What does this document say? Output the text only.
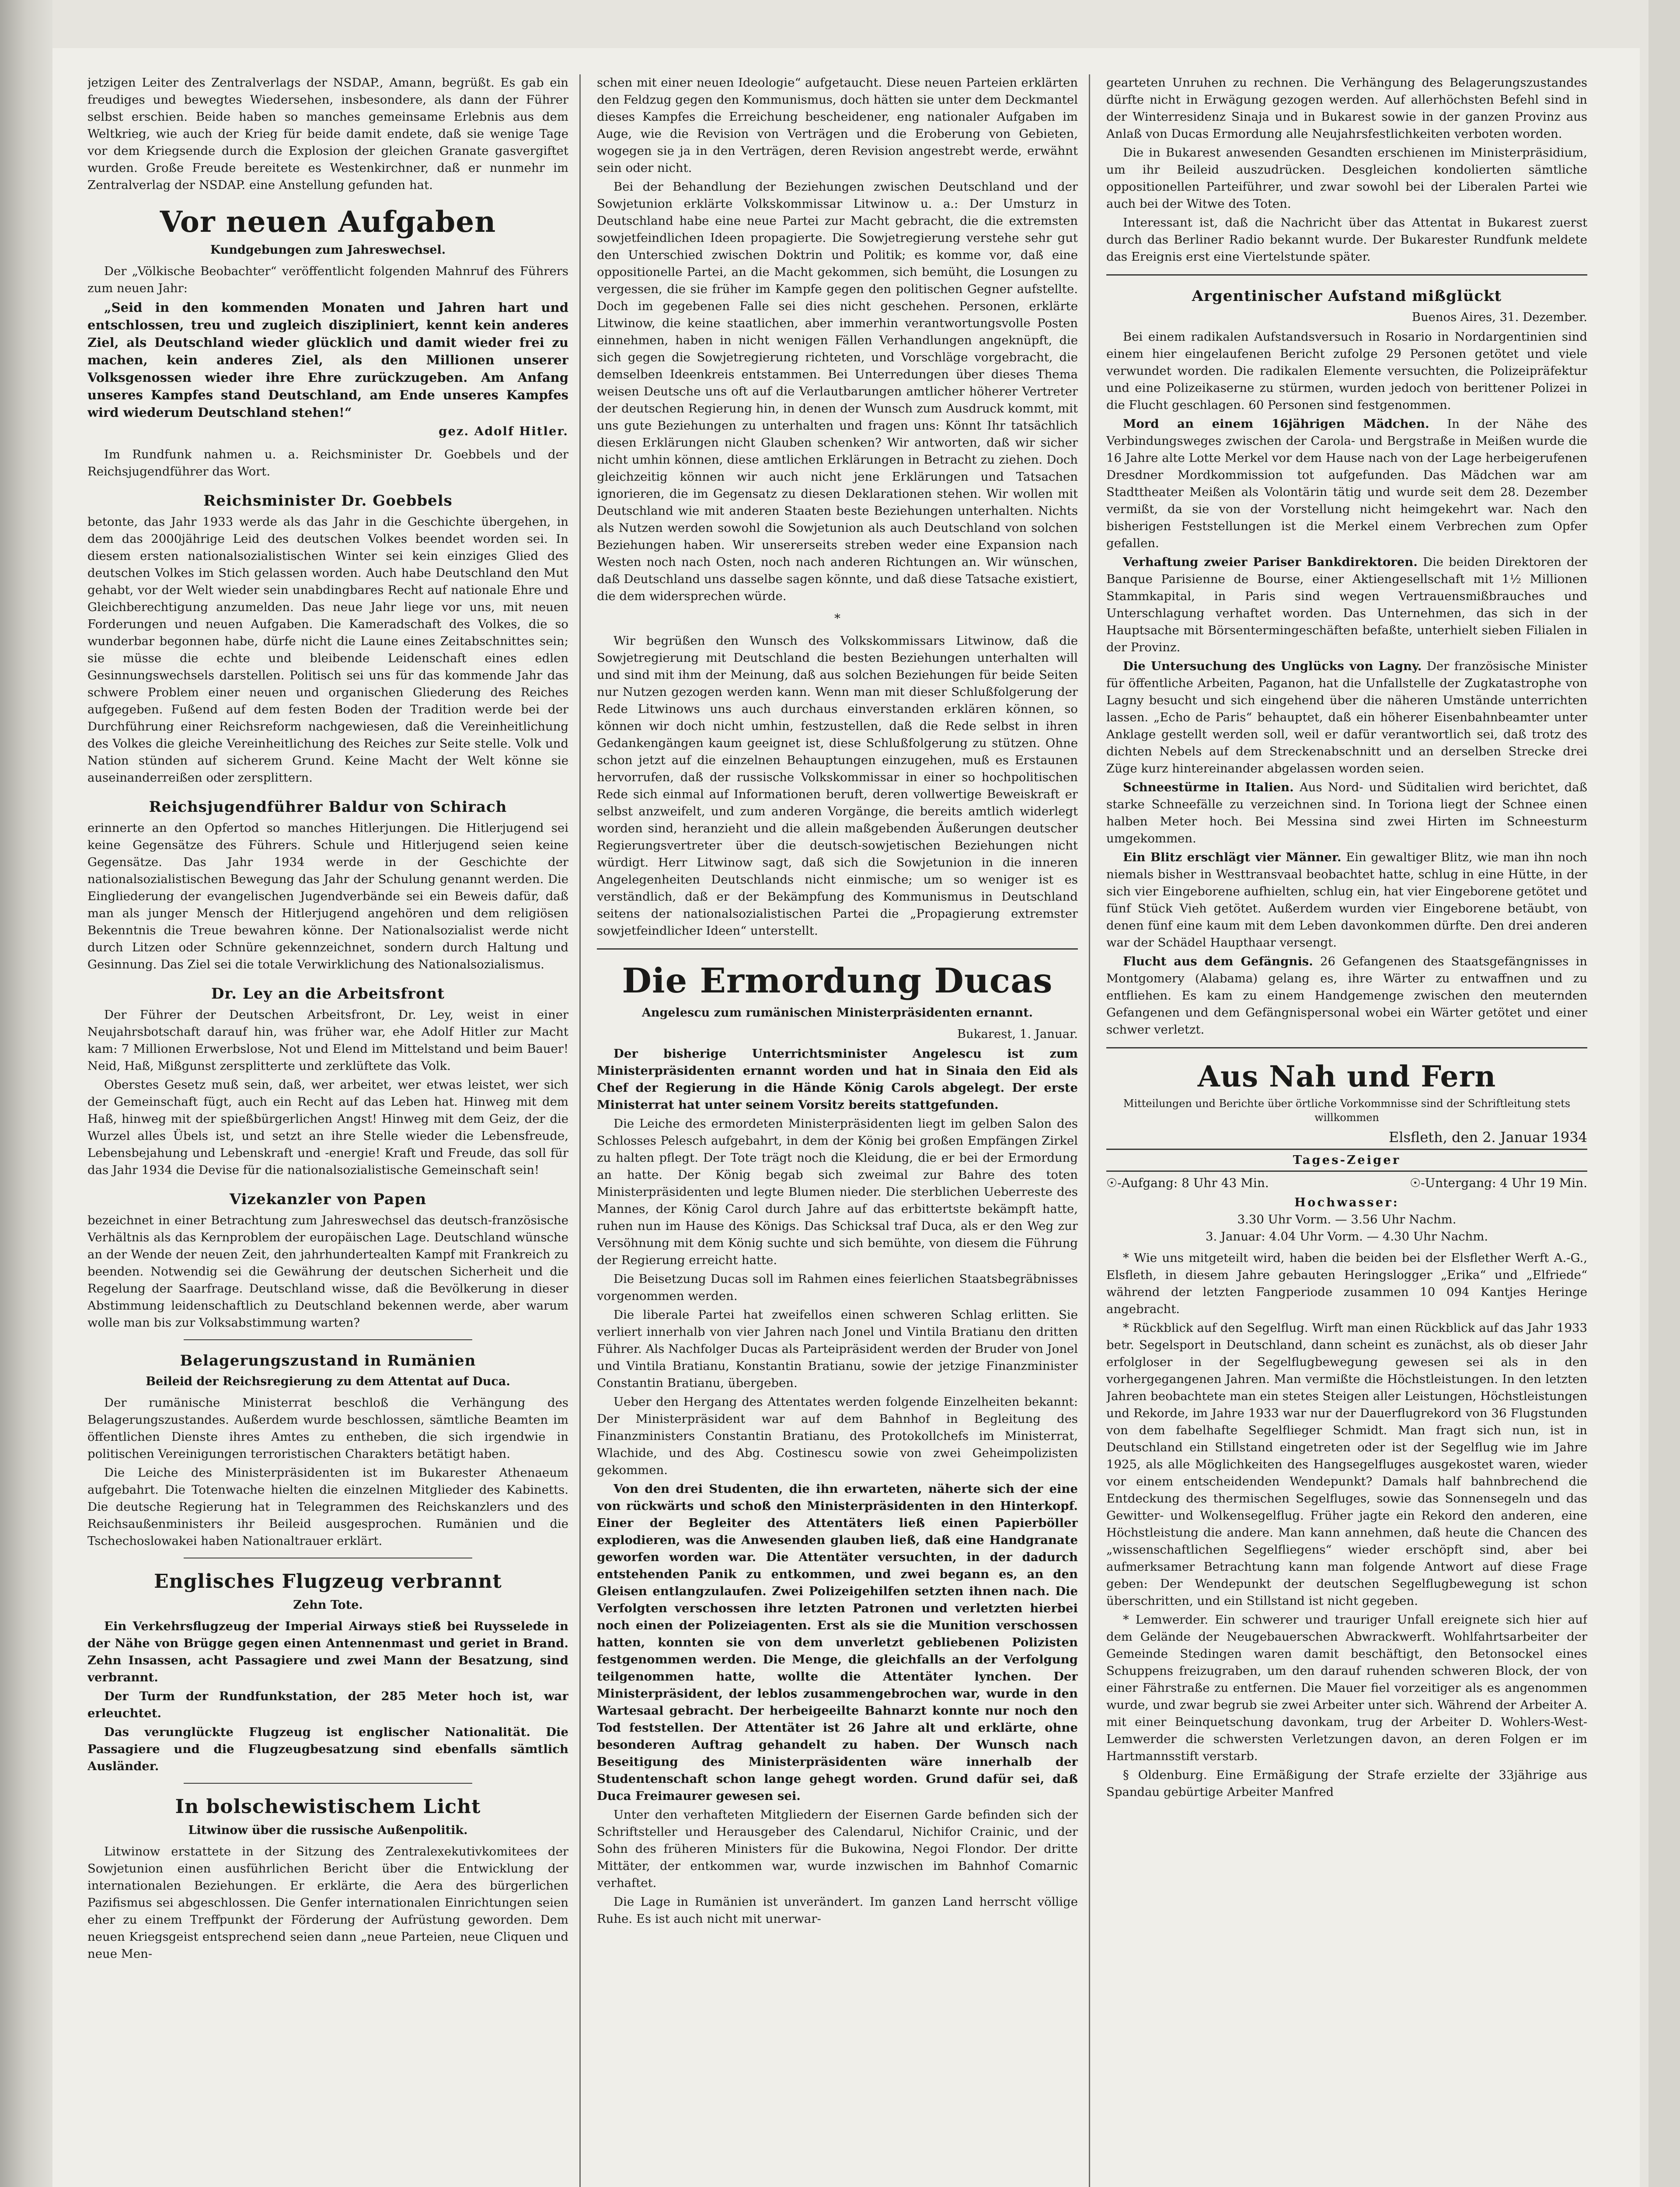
jetzigen Leiter des Zentralverlags der NSDAP., Amann, begrüßt. Es gab ein freudiges und bewegtes Wiedersehen, insbesondere, als dann der Führer selbst erschien. Beide haben so manches gemeinsame Erlebnis aus dem Weltkrieg, wie auch der Krieg für beide damit endete, daß sie wenige Tage vor dem Kriegsende durch die Explosion der gleichen Granate gasvergiftet wurden. Große Freude bereitete es Westenkirchner, daß er nunmehr im Zentralverlag der NSDAP. eine Anstellung gefunden hat.

Vor neuen Aufgaben
Kundgebungen zum Jahreswechsel.

Der „Völkische Beobachter“ veröffentlicht folgenden Mahnruf des Führers zum neuen Jahr:

„Seid in den kommenden Monaten und Jahren hart und entschlossen, treu und zugleich diszipliniert, kennt kein anderes Ziel, als Deutschland wieder glücklich und damit wieder frei zu machen, kein anderes Ziel, als den Millionen unserer Volksgenossen wieder ihre Ehre zurückzugeben. Am Anfang unseres Kampfes stand Deutschland, am Ende unseres Kampfes wird wiederum Deutschland stehen!“

gez. Adolf Hitler.

Im Rundfunk nahmen u. a. Reichsminister Dr. Goebbels und der Reichsjugendführer das Wort.

Reichsminister Dr. Goebbels

betonte, das Jahr 1933 werde als das Jahr in die Geschichte übergehen, in dem das 2000jährige Leid des deutschen Volkes beendet worden sei. In diesem ersten nationalsozialistischen Winter sei kein einziges Glied des deutschen Volkes im Stich gelassen worden. Auch habe Deutschland den Mut gehabt, vor der Welt wieder sein unabdingbares Recht auf nationale Ehre und Gleichberechtigung anzumelden. Das neue Jahr liege vor uns, mit neuen Forderungen und neuen Aufgaben. Die Kameradschaft des Volkes, die so wunderbar begonnen habe, dürfe nicht die Laune eines Zeitabschnittes sein; sie müsse die echte und bleibende Leidenschaft eines edlen Gesinnungswechsels darstellen. Politisch sei uns für das kommende Jahr das schwere Problem einer neuen und organischen Gliederung des Reiches aufgegeben. Fußend auf dem festen Boden der Tradition werde bei der Durchführung einer Reichsreform nachgewiesen, daß die Vereinheitlichung des Volkes die gleiche Vereinheitlichung des Reiches zur Seite stelle. Volk und Nation stünden auf sicherem Grund. Keine Macht der Welt könne sie auseinanderreißen oder zersplittern.

Reichsjugendführer Baldur von Schirach

erinnerte an den Opfertod so manches Hitlerjungen. Die Hitlerjugend sei keine Gegensätze des Führers. Schule und Hitlerjugend seien keine Gegensätze. Das Jahr 1934 werde in der Geschichte der nationalsozialistischen Bewegung das Jahr der Schulung genannt werden. Die Eingliederung der evangelischen Jugendverbände sei ein Beweis dafür, daß man als junger Mensch der Hitlerjugend angehören und dem religiösen Bekenntnis die Treue bewahren könne. Der Nationalsozialist werde nicht durch Litzen oder Schnüre gekennzeichnet, sondern durch Haltung und Gesinnung. Das Ziel sei die totale Verwirklichung des Nationalsozialismus.

Dr. Ley an die Arbeitsfront

Der Führer der Deutschen Arbeitsfront, Dr. Ley, weist in einer Neujahrsbotschaft darauf hin, was früher war, ehe Adolf Hitler zur Macht kam: 7 Millionen Erwerbslose, Not und Elend im Mittelstand und beim Bauer! Neid, Haß, Mißgunst zersplitterte und zerklüftete das Volk.

Oberstes Gesetz muß sein, daß, wer arbeitet, wer etwas leistet, wer sich der Gemeinschaft fügt, auch ein Recht auf das Leben hat. Hinweg mit dem Haß, hinweg mit der spießbürgerlichen Angst! Hinweg mit dem Geiz, der die Wurzel alles Übels ist, und setzt an ihre Stelle wieder die Lebensfreude, Lebensbejahung und Lebenskraft und -energie! Kraft und Freude, das soll für das Jahr 1934 die Devise für die nationalsozialistische Gemeinschaft sein!

Vizekanzler von Papen

bezeichnet in einer Betrachtung zum Jahreswechsel das deutsch-französische Verhältnis als das Kernproblem der europäischen Lage. Deutschland wünsche an der Wende der neuen Zeit, den jahrhundertealten Kampf mit Frankreich zu beenden. Notwendig sei die Gewährung der deutschen Sicherheit und die Regelung der Saarfrage. Deutschland wisse, daß die Bevölkerung in dieser Abstimmung leidenschaftlich zu Deutschland bekennen werde, aber warum wolle man bis zur Volksabstimmung warten?

Belagerungszustand in Rumänien
Beileid der Reichsregierung zu dem Attentat auf Duca.

Der rumänische Ministerrat beschloß die Verhängung des Belagerungszustandes. Außerdem wurde beschlossen, sämtliche Beamten im öffentlichen Dienste ihres Amtes zu entheben, die sich irgendwie in politischen Vereinigungen terroristischen Charakters betätigt haben.

Die Leiche des Ministerpräsidenten ist im Bukarester Athenaeum aufgebahrt. Die Totenwache hielten die einzelnen Mitglieder des Kabinetts. Die deutsche Regierung hat in Telegrammen des Reichskanzlers und des Reichsaußenministers ihr Beileid ausgesprochen. Rumänien und die Tschechoslowakei haben Nationaltrauer erklärt.

Englisches Flugzeug verbrannt
Zehn Tote.

Ein Verkehrsflugzeug der Imperial Airways stieß bei Ruysselede in der Nähe von Brügge gegen einen Antennenmast und geriet in Brand. Zehn Insassen, acht Passagiere und zwei Mann der Besatzung, sind verbrannt.

Der Turm der Rundfunkstation, der 285 Meter hoch ist, war erleuchtet.

Das verunglückte Flugzeug ist englischer Nationalität. Die Passagiere und die Flugzeugbesatzung sind ebenfalls sämtlich Ausländer.

In bolschewistischem Licht
Litwinow über die russische Außenpolitik.

Litwinow erstattete in der Sitzung des Zentralexekutivkomitees der Sowjetunion einen ausführlichen Bericht über die Entwicklung der internationalen Beziehungen. Er erklärte, die Aera des bürgerlichen Pazifismus sei abgeschlossen. Die Genfer internationalen Einrichtungen seien eher zu einem Treffpunkt der Förderung der Aufrüstung geworden. Dem neuen Kriegsgeist entsprechend seien dann „neue Parteien, neue Cliquen und neue Men-

schen mit einer neuen Ideologie“ aufgetaucht. Diese neuen Parteien erklärten den Feldzug gegen den Kommunismus, doch hätten sie unter dem Deckmantel dieses Kampfes die Erreichung bescheidener, eng nationaler Aufgaben im Auge, wie die Revision von Verträgen und die Eroberung von Gebieten, wogegen sie ja in den Verträgen, deren Revision angestrebt werde, erwähnt sein oder nicht.

Bei der Behandlung der Beziehungen zwischen Deutschland und der Sowjetunion erklärte Volkskommissar Litwinow u. a.: Der Umsturz in Deutschland habe eine neue Partei zur Macht gebracht, die die extremsten sowjetfeindlichen Ideen propagierte. Die Sowjetregierung verstehe sehr gut den Unterschied zwischen Doktrin und Politik; es komme vor, daß eine oppositionelle Partei, an die Macht gekommen, sich bemüht, die Losungen zu vergessen, die sie früher im Kampfe gegen den politischen Gegner aufstellte. Doch im gegebenen Falle sei dies nicht geschehen. Personen, erklärte Litwinow, die keine staatlichen, aber immerhin verantwortungsvolle Posten einnehmen, haben in nicht wenigen Fällen Verhandlungen angeknüpft, die sich gegen die Sowjetregierung richteten, und Vorschläge vorgebracht, die demselben Ideenkreis entstammen. Bei Unterredungen über dieses Thema weisen Deutsche uns oft auf die Verlautbarungen amtlicher höherer Vertreter der deutschen Regierung hin, in denen der Wunsch zum Ausdruck kommt, mit uns gute Beziehungen zu unterhalten und fragen uns: Könnt Ihr tatsächlich diesen Erklärungen nicht Glauben schenken? Wir antworten, daß wir sicher nicht umhin können, diese amtlichen Erklärungen in Betracht zu ziehen. Doch gleichzeitig können wir auch nicht jene Erklärungen und Tatsachen ignorieren, die im Gegensatz zu diesen Deklarationen stehen. Wir wollen mit Deutschland wie mit anderen Staaten beste Beziehungen unterhalten. Nichts als Nutzen werden sowohl die Sowjetunion als auch Deutschland von solchen Beziehungen haben. Wir unsererseits streben weder eine Expansion nach Westen noch nach Osten, noch nach anderen Richtungen an. Wir wünschen, daß Deutschland uns dasselbe sagen könnte, und daß diese Tatsache existiert, die dem widersprechen würde.

*

Wir begrüßen den Wunsch des Volkskommissars Litwinow, daß die Sowjetregierung mit Deutschland die besten Beziehungen unterhalten will und sind mit ihm der Meinung, daß aus solchen Beziehungen für beide Seiten nur Nutzen gezogen werden kann. Wenn man mit dieser Schlußfolgerung der Rede Litwinows uns auch durchaus einverstanden erklären können, so können wir doch nicht umhin, festzustellen, daß die Rede selbst in ihren Gedankengängen kaum geeignet ist, diese Schlußfolgerung zu stützen. Ohne schon jetzt auf die einzelnen Behauptungen einzugehen, muß es Erstaunen hervorrufen, daß der russische Volkskommissar in einer so hochpolitischen Rede sich einmal auf Informationen beruft, deren vollwertige Beweiskraft er selbst anzweifelt, und zum anderen Vorgänge, die bereits amtlich widerlegt worden sind, heranzieht und die allein maßgebenden Äußerungen deutscher Regierungsvertreter über die deutsch-sowjetischen Beziehungen nicht würdigt. Herr Litwinow sagt, daß sich die Sowjetunion in die inneren Angelegenheiten Deutschlands nicht einmische; um so weniger ist es verständlich, daß er der Bekämpfung des Kommunismus in Deutschland seitens der nationalsozialistischen Partei die „Propagierung extremster sowjetfeindlicher Ideen“ unterstellt.

Die Ermordung Ducas
Angelescu zum rumänischen Ministerpräsidenten ernannt.
Bukarest, 1. Januar.

Der bisherige Unterrichtsminister Angelescu ist zum Ministerpräsidenten ernannt worden und hat in Sinaia den Eid als Chef der Regierung in die Hände König Carols abgelegt. Der erste Ministerrat hat unter seinem Vorsitz bereits stattgefunden.

Die Leiche des ermordeten Ministerpräsidenten liegt im gelben Salon des Schlosses Pelesch aufgebahrt, in dem der König bei großen Empfängen Zirkel zu halten pflegt. Der Tote trägt noch die Kleidung, die er bei der Ermordung an hatte. Der König begab sich zweimal zur Bahre des toten Ministerpräsidenten und legte Blumen nieder. Die sterblichen Ueberreste des Mannes, der König Carol durch Jahre auf das erbittertste bekämpft hatte, ruhen nun im Hause des Königs. Das Schicksal traf Duca, als er den Weg zur Versöhnung mit dem König suchte und sich bemühte, von diesem die Führung der Regierung erreicht hatte.

Die Beisetzung Ducas soll im Rahmen eines feierlichen Staatsbegräbnisses vorgenommen werden.

Die liberale Partei hat zweifellos einen schweren Schlag erlitten. Sie verliert innerhalb von vier Jahren nach Jonel und Vintila Bratianu den dritten Führer. Als Nachfolger Ducas als Parteipräsident werden der Bruder von Jonel und Vintila Bratianu, Konstantin Bratianu, sowie der jetzige Finanzminister Constantin Bratianu, übergeben.

Ueber den Hergang des Attentates werden folgende Einzelheiten bekannt: Der Ministerpräsident war auf dem Bahnhof in Begleitung des Finanzministers Constantin Bratianu, des Protokollchefs im Ministerrat, Wlachide, und des Abg. Costinescu sowie von zwei Geheimpolizisten gekommen.

Von den drei Studenten, die ihn erwarteten, näherte sich der eine von rückwärts und schoß den Ministerpräsidenten in den Hinterkopf. Einer der Begleiter des Attentäters ließ einen Papierböller explodieren, was die Anwesenden glauben ließ, daß eine Handgranate geworfen worden war. Die Attentäter versuchten, in der dadurch entstehenden Panik zu entkommen, und zwei begann es, an den Gleisen entlangzulaufen. Zwei Polizeigehilfen setzten ihnen nach. Die Verfolgten verschossen ihre letzten Patronen und verletzten hierbei noch einen der Polizeiagenten. Erst als sie die Munition verschossen hatten, konnten sie von dem unverletzt gebliebenen Polizisten festgenommen werden. Die Menge, die gleichfalls an der Verfolgung teilgenommen hatte, wollte die Attentäter lynchen. Der Ministerpräsident, der leblos zusammengebrochen war, wurde in den Wartesaal gebracht. Der herbeigeeilte Bahnarzt konnte nur noch den Tod feststellen. Der Attentäter ist 26 Jahre alt und erklärte, ohne besonderen Auftrag gehandelt zu haben. Der Wunsch nach Beseitigung des Ministerpräsidenten wäre innerhalb der Studentenschaft schon lange gehegt worden. Grund dafür sei, daß Duca Freimaurer gewesen sei.

Unter den verhafteten Mitgliedern der Eisernen Garde befinden sich der Schriftsteller und Herausgeber des Calendarul, Nichifor Crainic, und der Sohn des früheren Ministers für die Bukowina, Negoi Flondor. Der dritte Mittäter, der entkommen war, wurde inzwischen im Bahnhof Comarnic verhaftet.

Die Lage in Rumänien ist unverändert. Im ganzen Land herrscht völlige Ruhe. Es ist auch nicht mit unerwar-

gearteten Unruhen zu rechnen. Die Verhängung des Belagerungszustandes dürfte nicht in Erwägung gezogen werden. Auf allerhöchsten Befehl sind in der Winterresidenz Sinaja und in Bukarest sowie in der ganzen Provinz aus Anlaß von Ducas Ermordung alle Neujahrsfestlichkeiten verboten worden.

Die in Bukarest anwesenden Gesandten erschienen im Ministerpräsidium, um ihr Beileid auszudrücken. Desgleichen kondolierten sämtliche oppositionellen Parteiführer, und zwar sowohl bei der Liberalen Partei wie auch bei der Witwe des Toten.

Interessant ist, daß die Nachricht über das Attentat in Bukarest zuerst durch das Berliner Radio bekannt wurde. Der Bukarester Rundfunk meldete das Ereignis erst eine Viertelstunde später.

Argentinischer Aufstand mißglückt
Buenos Aires, 31. Dezember.

Bei einem radikalen Aufstandsversuch in Rosario in Nordargentinien sind einem hier eingelaufenen Bericht zufolge 29 Personen getötet und viele verwundet worden. Die radikalen Elemente versuchten, die Polizeipräfektur und eine Polizeikaserne zu stürmen, wurden jedoch von berittener Polizei in die Flucht geschlagen. 60 Personen sind festgenommen.

Mord an einem 16jährigen Mädchen. In der Nähe des Verbindungsweges zwischen der Carola- und Bergstraße in Meißen wurde die 16 Jahre alte Lotte Merkel vor dem Hause nach von der Lage herbeigerufenen Dresdner Mordkommission tot aufgefunden. Das Mädchen war am Stadttheater Meißen als Volontärin tätig und wurde seit dem 28. Dezember vermißt, da sie von der Vorstellung nicht heimgekehrt war. Nach den bisherigen Feststellungen ist die Merkel einem Verbrechen zum Opfer gefallen.

Verhaftung zweier Pariser Bankdirektoren. Die beiden Direktoren der Banque Parisienne de Bourse, einer Aktiengesellschaft mit 1½ Millionen Stammkapital, in Paris sind wegen Vertrauensmißbrauches und Unterschlagung verhaftet worden. Das Unternehmen, das sich in der Hauptsache mit Börsentermingeschäften befaßte, unterhielt sieben Filialen in der Provinz.

Die Untersuchung des Unglücks von Lagny. Der französische Minister für öffentliche Arbeiten, Paganon, hat die Unfallstelle der Zugkatastrophe von Lagny besucht und sich eingehend über die näheren Umstände unterrichten lassen. „Echo de Paris“ behauptet, daß ein höherer Eisenbahnbeamter unter Anklage gestellt werden soll, weil er dafür verantwortlich sei, daß trotz des dichten Nebels auf dem Streckenabschnitt und an derselben Strecke drei Züge kurz hintereinander abgelassen worden seien.

Schneestürme in Italien. Aus Nord- und Süditalien wird berichtet, daß starke Schneefälle zu verzeichnen sind. In Toriona liegt der Schnee einen halben Meter hoch. Bei Messina sind zwei Hirten im Schneesturm umgekommen.

Ein Blitz erschlägt vier Männer. Ein gewaltiger Blitz, wie man ihn noch niemals bisher in Westtransvaal beobachtet hatte, schlug in eine Hütte, in der sich vier Eingeborene aufhielten, schlug ein, hat vier Eingeborene getötet und fünf Stück Vieh getötet. Außerdem wurden vier Eingeborene betäubt, von denen fünf eine kaum mit dem Leben davonkommen dürfte. Den drei anderen war der Schädel Haupthaar versengt.

Flucht aus dem Gefängnis. 26 Gefangenen des Staatsgefängnisses in Montgomery (Alabama) gelang es, ihre Wärter zu entwaffnen und zu entfliehen. Es kam zu einem Handgemenge zwischen den meuternden Gefangenen und dem Gefängnispersonal wobei ein Wärter getötet und einer schwer verletzt.

Aus Nah und Fern
Mitteilungen und Berichte über örtliche Vorkommnisse sind der Schriftleitung stets willkommen
Elsfleth, den 2. Januar 1934
Tages-Zeiger
☉-Aufgang: 8 Uhr 43 Min.	☉-Untergang: 4 Uhr 19 Min.
Hochwasser:
3.30 Uhr Vorm. — 3.56 Uhr Nachm.
3. Januar: 4.04 Uhr Vorm. — 4.30 Uhr Nachm.

* Wie uns mitgeteilt wird, haben die beiden bei der Elsflether Werft A.-G., Elsfleth, in diesem Jahre gebauten Heringslogger „Erika“ und „Elfriede“ während der letzten Fangperiode zusammen 10 094 Kantjes Heringe angebracht.

* Rückblick auf den Segelflug. Wirft man einen Rückblick auf das Jahr 1933 betr. Segelsport in Deutschland, dann scheint es zunächst, als ob dieser Jahr erfolgloser in der Segelflugbewegung gewesen sei als in den vorhergegangenen Jahren. Man vermißte die Höchstleistungen. In den letzten Jahren beobachtete man ein stetes Steigen aller Leistungen, Höchstleistungen und Rekorde, im Jahre 1933 war nur der Dauerflugrekord von 36 Flugstunden von dem fabelhafte Segelflieger Schmidt. Man fragt sich nun, ist in Deutschland ein Stillstand eingetreten oder ist der Segelflug wie im Jahre 1925, als alle Möglichkeiten des Hangsegelfluges ausgekostet waren, wieder vor einem entscheidenden Wendepunkt? Damals half bahnbrechend die Entdeckung des thermischen Segelfluges, sowie das Sonnensegeln und das Gewitter- und Wolkensegelflug. Früher jagte ein Rekord den anderen, eine Höchstleistung die andere. Man kann annehmen, daß heute die Chancen des „wissenschaftlichen Segelfliegens“ wieder erschöpft sind, aber bei aufmerksamer Betrachtung kann man folgende Antwort auf diese Frage geben: Der Wendepunkt der deutschen Segelflugbewegung ist schon überschritten, und ein Stillstand ist nicht gegeben.

* Lemwerder. Ein schwerer und trauriger Unfall ereignete sich hier auf dem Gelände der Neugebauerschen Abwrackwerft. Wohlfahrtsarbeiter der Gemeinde Stedingen waren damit beschäftigt, den Betonsockel eines Schuppens freizugraben, um den darauf ruhenden schweren Block, der von einer Fährstraße zu entfernen. Die Mauer fiel vorzeitiger als es angenommen wurde, und zwar begrub sie zwei Arbeiter unter sich. Während der Arbeiter A. mit einer Beinquetschung davonkam, trug der Arbeiter D. Wohlers-West-Lemwerder die schwersten Verletzungen davon, an deren Folgen er im Hartmannsstift verstarb.

§ Oldenburg. Eine Ermäßigung der Strafe erzielte der 33jährige aus Spandau gebürtige Arbeiter Manfred
